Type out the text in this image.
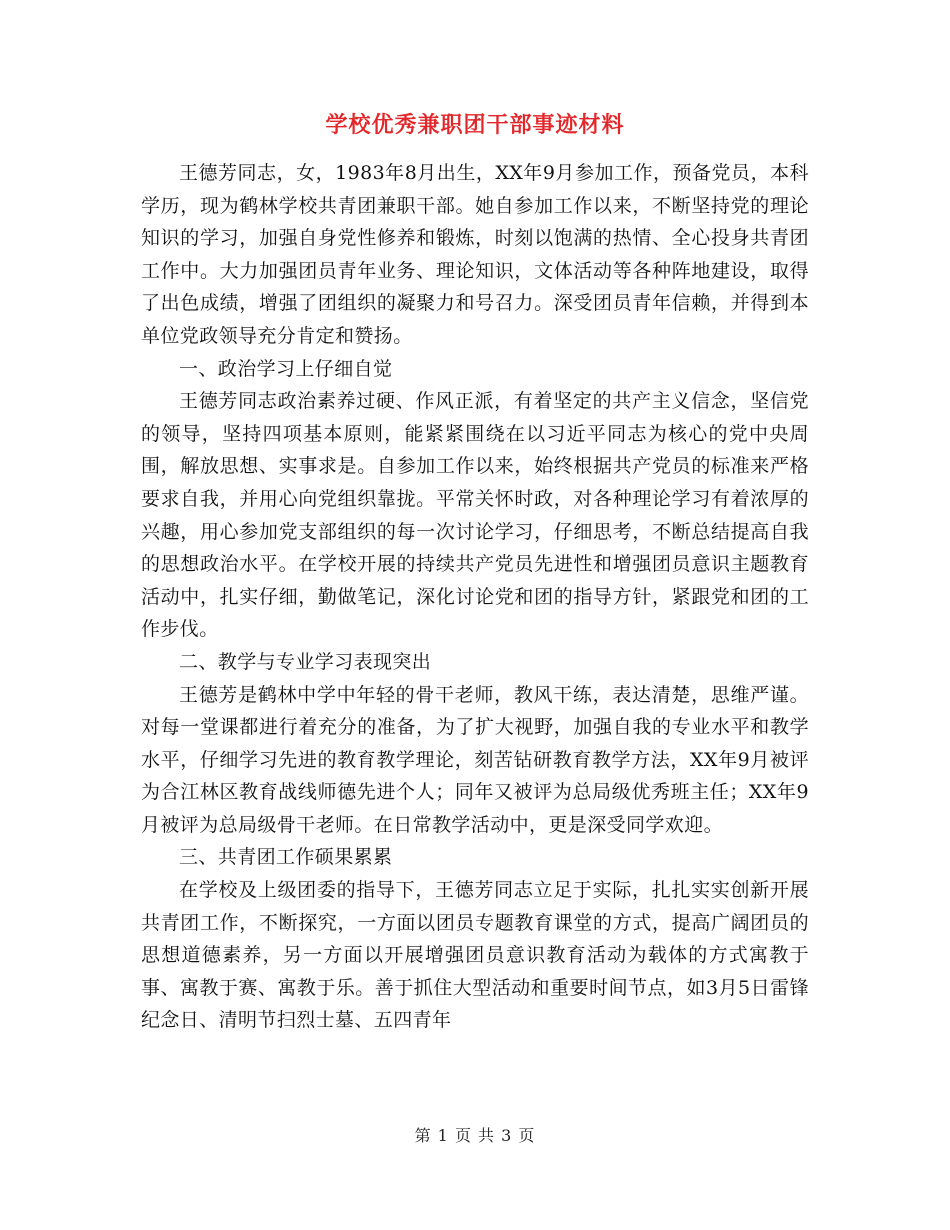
学校优秀兼职团干部事迹材料

王德芳同志，女，1983年8月出生，XX年9月参加工作，预备党员，本科学历，现为鹤林学校共青团兼职干部。她自参加工作以来，不断坚持党的理论知识的学习，加强自身党性修养和锻炼，时刻以饱满的热情、全心投身共青团工作中。大力加强团员青年业务、理论知识，文体活动等各种阵地建设，取得了出色成绩，增强了团组织的凝聚力和号召力。深受团员青年信赖，并得到本单位党政领导充分肯定和赞扬。

一、政治学习上仔细自觉

王德芳同志政治素养过硬、作风正派，有着坚定的共产主义信念，坚信党的领导，坚持四项基本原则，能紧紧围绕在以习近平同志为核心的党中央周围，解放思想、实事求是。自参加工作以来，始终根据共产党员的标准来严格要求自我，并用心向党组织靠拢。平常关怀时政，对各种理论学习有着浓厚的兴趣，用心参加党支部组织的每一次讨论学习，仔细思考，不断总结提高自我的思想政治水平。在学校开展的持续共产党员先进性和增强团员意识主题教育活动中，扎实仔细，勤做笔记，深化讨论党和团的指导方针，紧跟党和团的工作步伐。

二、教学与专业学习表现突出

王德芳是鹤林中学中年轻的骨干老师，教风干练，表达清楚，思维严谨。对每一堂课都进行着充分的准备，为了扩大视野，加强自我的专业水平和教学水平，仔细学习先进的教育教学理论，刻苦钻研教育教学方法，XX年9月被评为合江林区教育战线师德先进个人；同年又被评为总局级优秀班主任；XX年9月被评为总局级骨干老师。在日常教学活动中，更是深受同学欢迎。

三、共青团工作硕果累累

在学校及上级团委的指导下，王德芳同志立足于实际，扎扎实实创新开展共青团工作，不断探究，一方面以团员专题教育课堂的方式，提高广阔团员的思想道德素养，另一方面以开展增强团员意识教育活动为载体的方式寓教于事、寓教于赛、寓教于乐。善于抓住大型活动和重要时间节点，如3月5日雷锋纪念日、清明节扫烈士墓、五四青年

第 1 页 共 3 页
